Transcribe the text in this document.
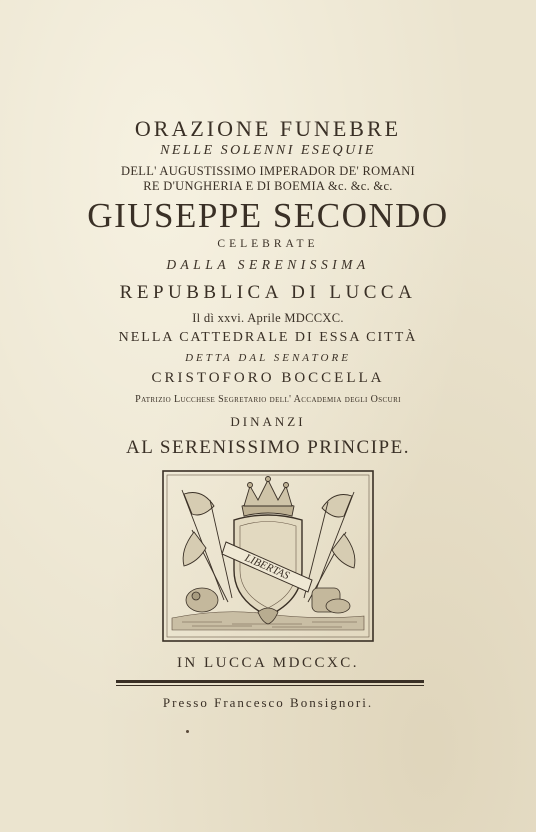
ORAZIONE FUNEBRE
NELLE SOLENNI ESEQUIE
DELL' AUGUSTISSIMO IMPERADOR DE' ROMANI
RE D'UNGHERIA E DI BOEMIA &c. &c. &c.
GIUSEPPE SECONDO
CELEBRATE
DALLA SERENISSIMA
REPUBBLICA DI LUCCA
Il dì xxvi. Aprile MDCCXC.
NELLA CATTEDRALE DI ESSA CITTÀ
DETTA DAL SENATORE
CRISTOFORO BOCCELLA
Patrizio Lucchese Segretario dell' Accademia degli Oscuri
DINANZI
AL SERENISSIMO PRINCIPE.
LIBERTAS
IN LUCCA MDCCXC.
Presso Francesco Bonsignori.
